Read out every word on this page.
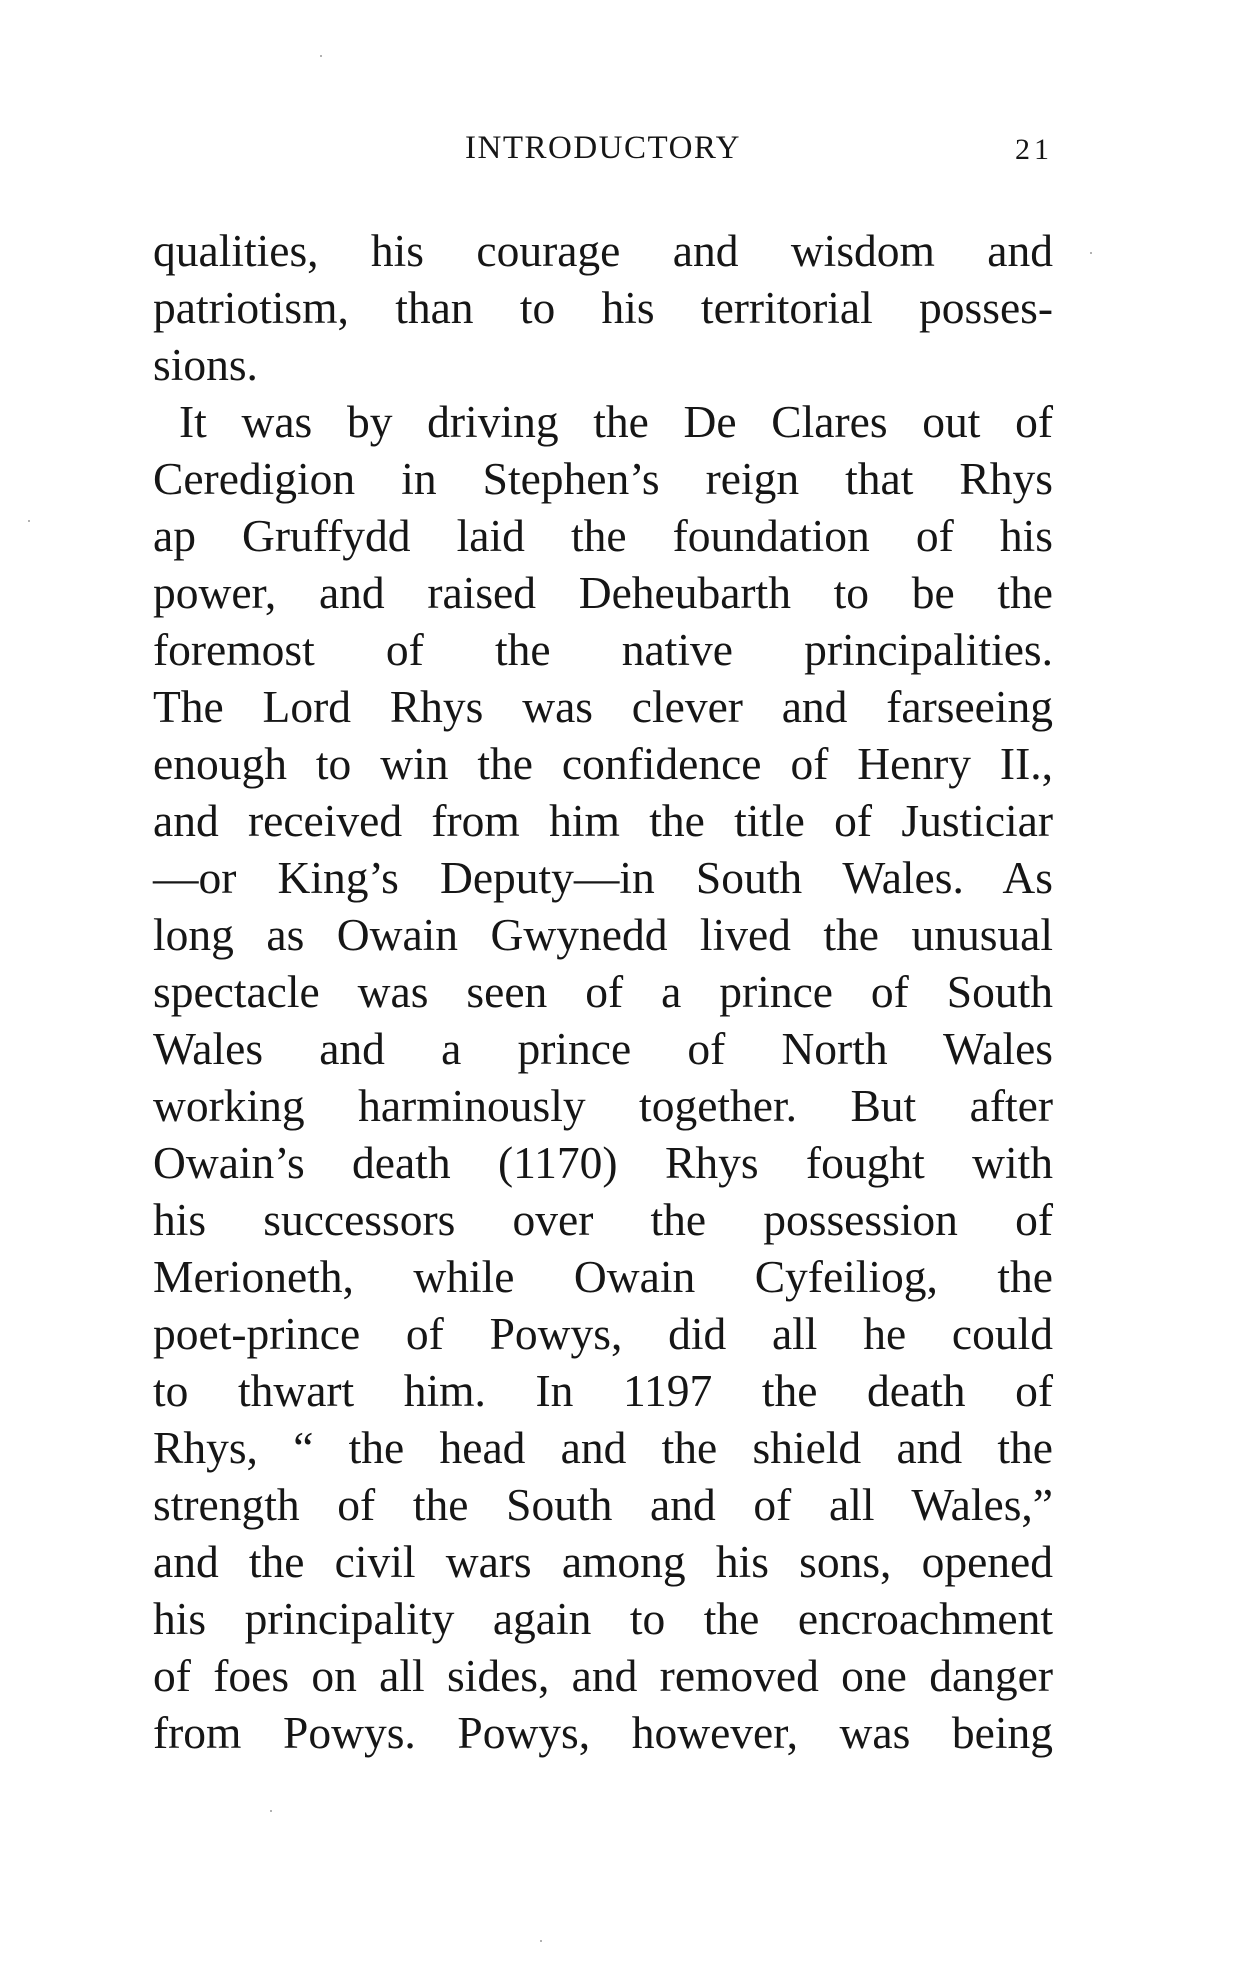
INTRODUCTORY	21
qualities, his courage and wisdom and
patriotism, than to his territorial posses-
sions.
It was by driving the De Clares out of
Ceredigion in Stephen’s reign that Rhys
ap Gruffydd laid the foundation of his
power, and raised Deheubarth to be the
foremost of the native principalities.
The Lord Rhys was clever and farseeing
enough to win the confidence of Henry II.,
and received from him the title of Justiciar
—or King’s Deputy—in South Wales. As
long as Owain Gwynedd lived the unusual
spectacle was seen of a prince of South
Wales and a prince of North Wales
working harminously together. But after
Owain’s death (1170) Rhys fought with
his successors over the possession of
Merioneth, while Owain Cyfeiliog, the
poet-prince of Powys, did all he could
to thwart him. In 1197 the death of
Rhys, “ the head and the shield and the
strength of the South and of all Wales,”
and the civil wars among his sons, opened
his principality again to the encroachment
of foes on all sides, and removed one danger
from Powys. Powys, however, was being
